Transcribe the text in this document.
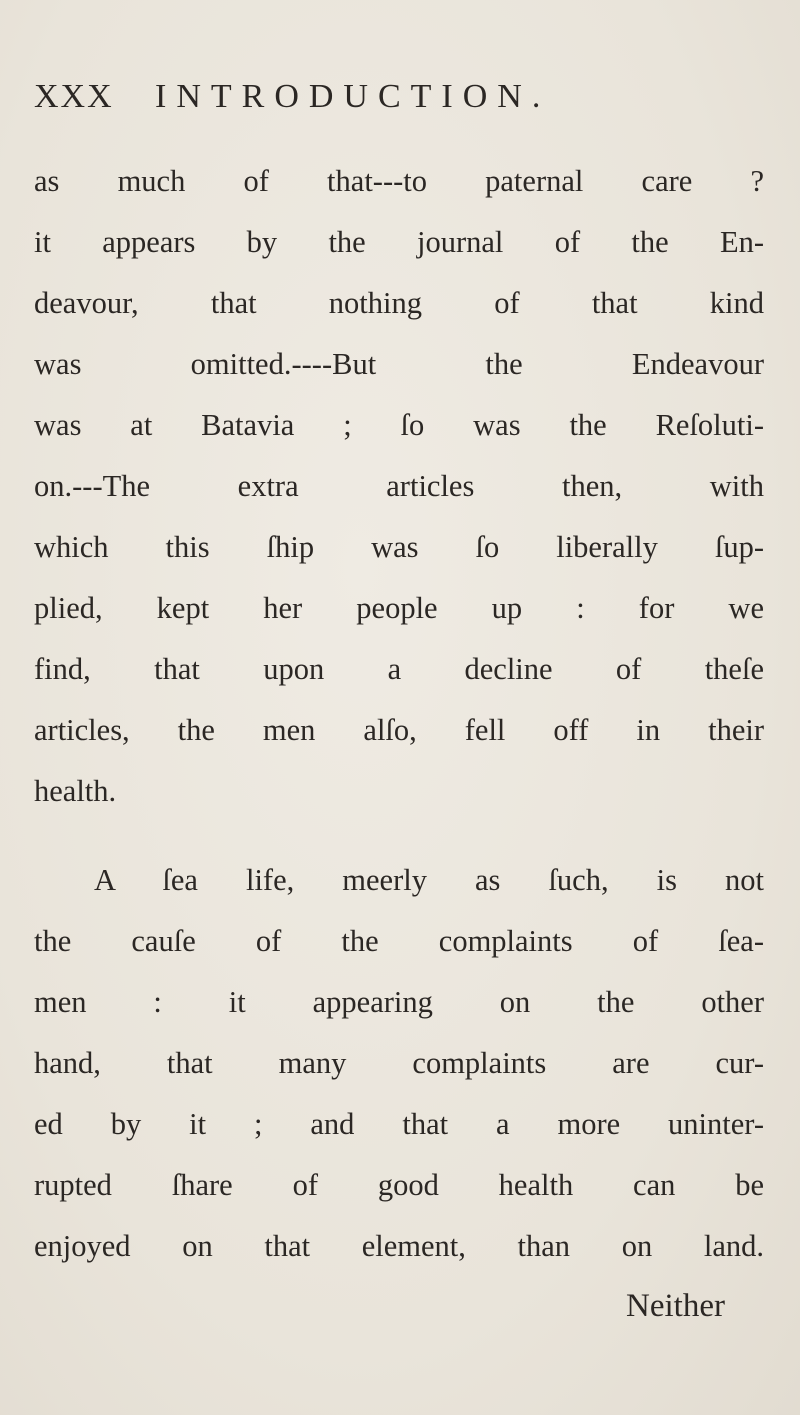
XXX INTRODUCTION.
as much of that---to paternal care ?
it appears by the journal of the En-
deavour, that nothing of that kind
was omitted.----But the Endeavour
was at Batavia ; ſo was the Reſoluti-
on.---The extra articles then, with
which this ſhip was ſo liberally ſup-
plied, kept her people up : for we
find, that upon a decline of theſe
articles, the men alſo, fell off in their
health.
A ſea life, meerly as ſuch, is not
the cauſe of the complaints of ſea-
men : it appearing on the other
hand, that many complaints are cur-
ed by it ; and that a more uninter-
rupted ſhare of good health can be
enjoyed on that element, than on land.
Neither
